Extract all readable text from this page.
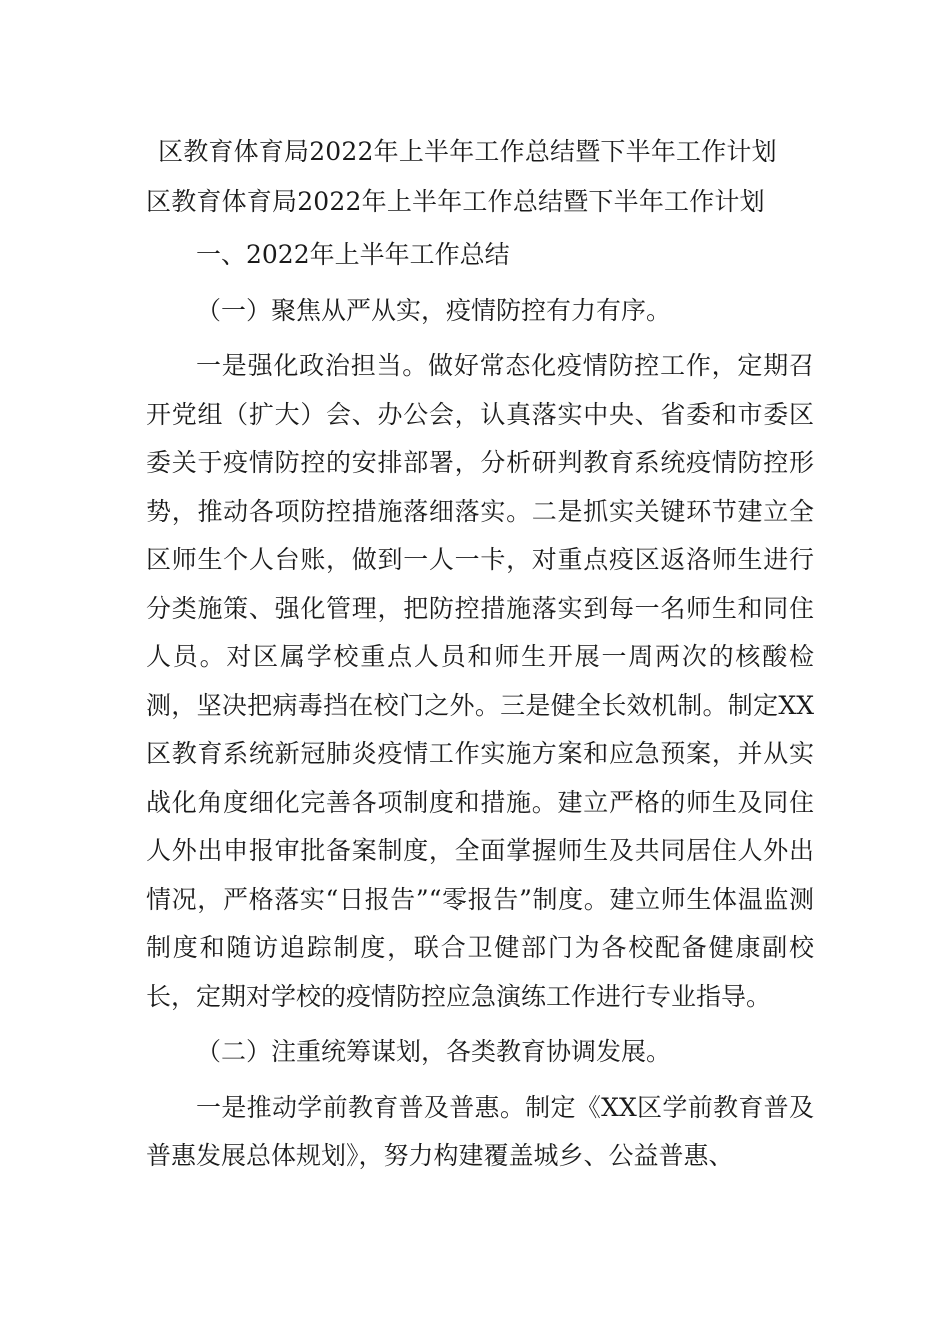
区教育体育局2022年上半年工作总结暨下半年工作计划
区教育体育局2022年上半年工作总结暨下半年工作计划

一、2022年上半年工作总结

（一）聚焦从严从实，疫情防控有力有序。

一是强化政治担当。做好常态化疫情防控工作，定期召开党组（扩大）会、办公会，认真落实中央、省委和市委区委关于疫情防控的安排部署，分析研判教育系统疫情防控形势，推动各项防控措施落细落实。二是抓实关键环节建立全区师生个人台账，做到一人一卡，对重点疫区返洛师生进行分类施策、强化管理，把防控措施落实到每一名师生和同住人员。对区属学校重点人员和师生开展一周两次的核酸检测，坚决把病毒挡在校门之外。三是健全长效机制。制定XX区教育系统新冠肺炎疫情工作实施方案和应急预案，并从实战化角度细化完善各项制度和措施。建立严格的师生及同住人外出申报审批备案制度，全面掌握师生及共同居住人外出情况，严格落实“日报告”“零报告”制度。建立师生体温监测制度和随访追踪制度，联合卫健部门为各校配备健康副校长，定期对学校的疫情防控应急演练工作进行专业指导。

（二）注重统筹谋划，各类教育协调发展。

一是推动学前教育普及普惠。制定《XX区学前教育普及普惠发展总体规划》，努力构建覆盖城乡、公益普惠、
